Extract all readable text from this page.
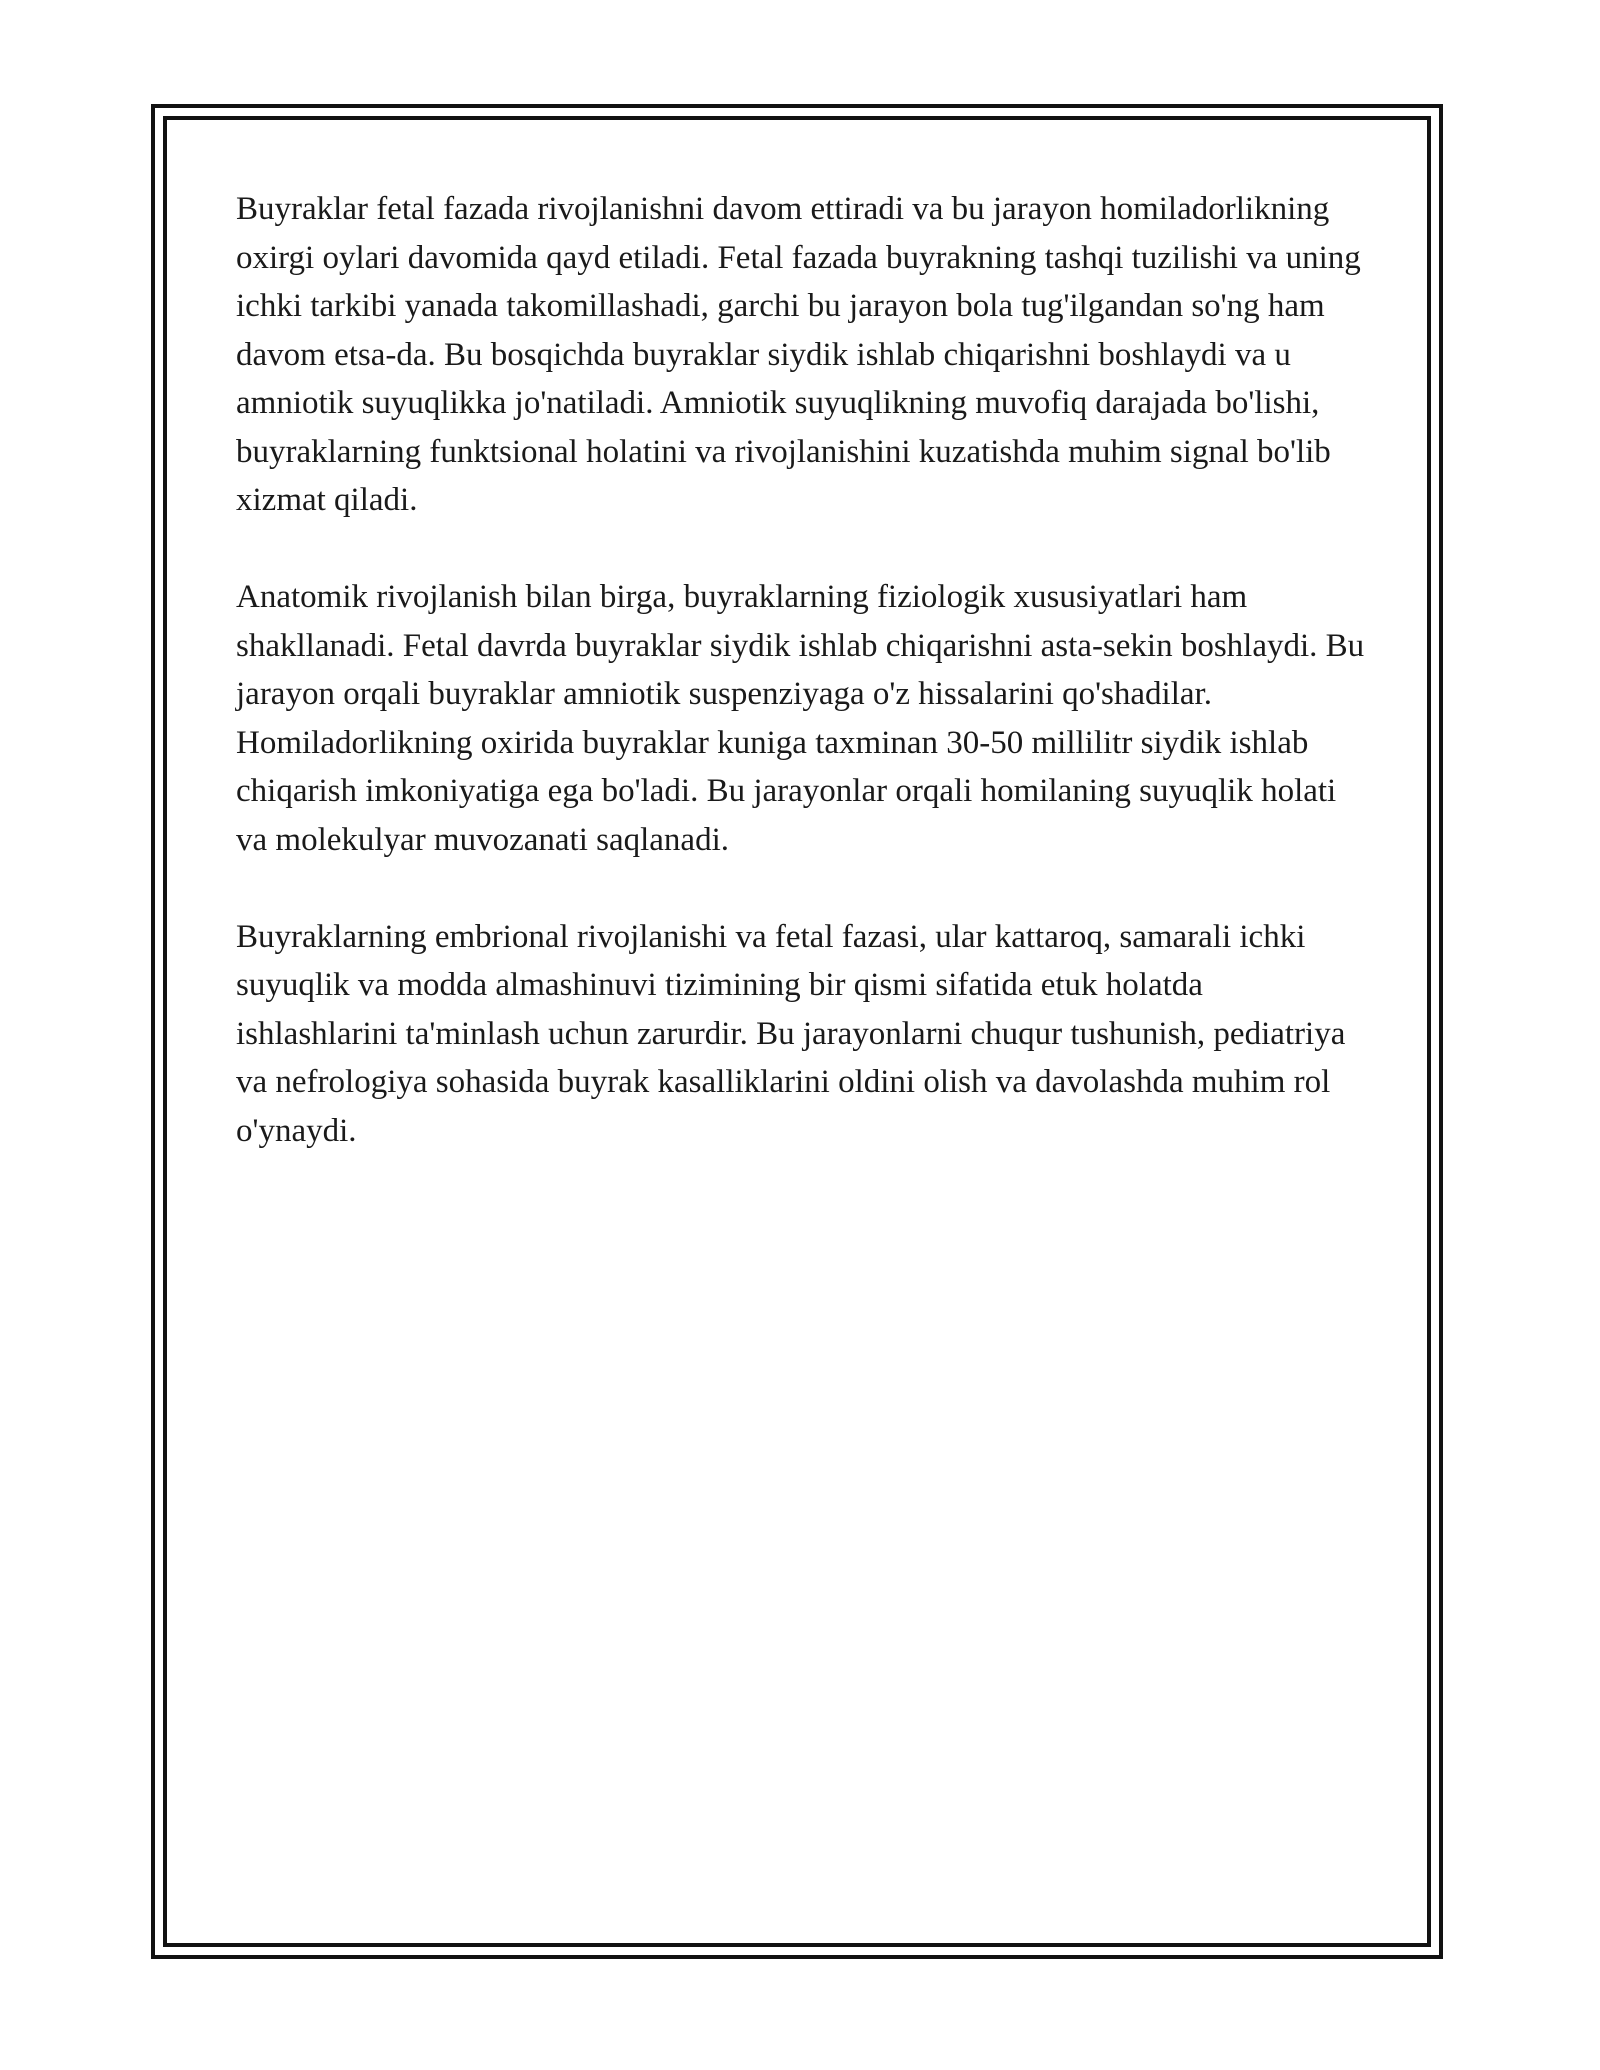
Buyraklar fetal fazada rivojlanishni davom ettiradi va bu jarayon homiladorlikning oxirgi oylari davomida qayd etiladi. Fetal fazada buyrakning tashqi tuzilishi va uning ichki tarkibi yanada takomillashadi, garchi bu jarayon bola tug'ilgandan so'ng ham davom etsa-da. Bu bosqichda buyraklar siydik ishlab chiqarishni boshlaydi va u amniotik suyuqlikka jo'natiladi. Amniotik suyuqlikning muvofiq darajada bo'lishi, buyraklarning funktsional holatini va rivojlanishini kuzatishda muhim signal bo'lib xizmat qiladi.

Anatomik rivojlanish bilan birga, buyraklarning fiziologik xususiyatlari ham shakllanadi. Fetal davrda buyraklar siydik ishlab chiqarishni asta-sekin boshlaydi. Bu jarayon orqali buyraklar amniotik suspenziyaga o'z hissalarini qo'shadilar. Homiladorlikning oxirida buyraklar kuniga taxminan 30-50 millilitr siydik ishlab chiqarish imkoniyatiga ega bo'ladi. Bu jarayonlar orqali homilaning suyuqlik holati va molekulyar muvozanati saqlanadi.

Buyraklarning embrional rivojlanishi va fetal fazasi, ular kattaroq, samarali ichki suyuqlik va modda almashinuvi tizimining bir qismi sifatida etuk holatda ishlashlarini ta'minlash uchun zarurdir. Bu jarayonlarni chuqur tushunish, pediatriya va nefrologiya sohasida buyrak kasalliklarini oldini olish va davolashda muhim rol o'ynaydi.
